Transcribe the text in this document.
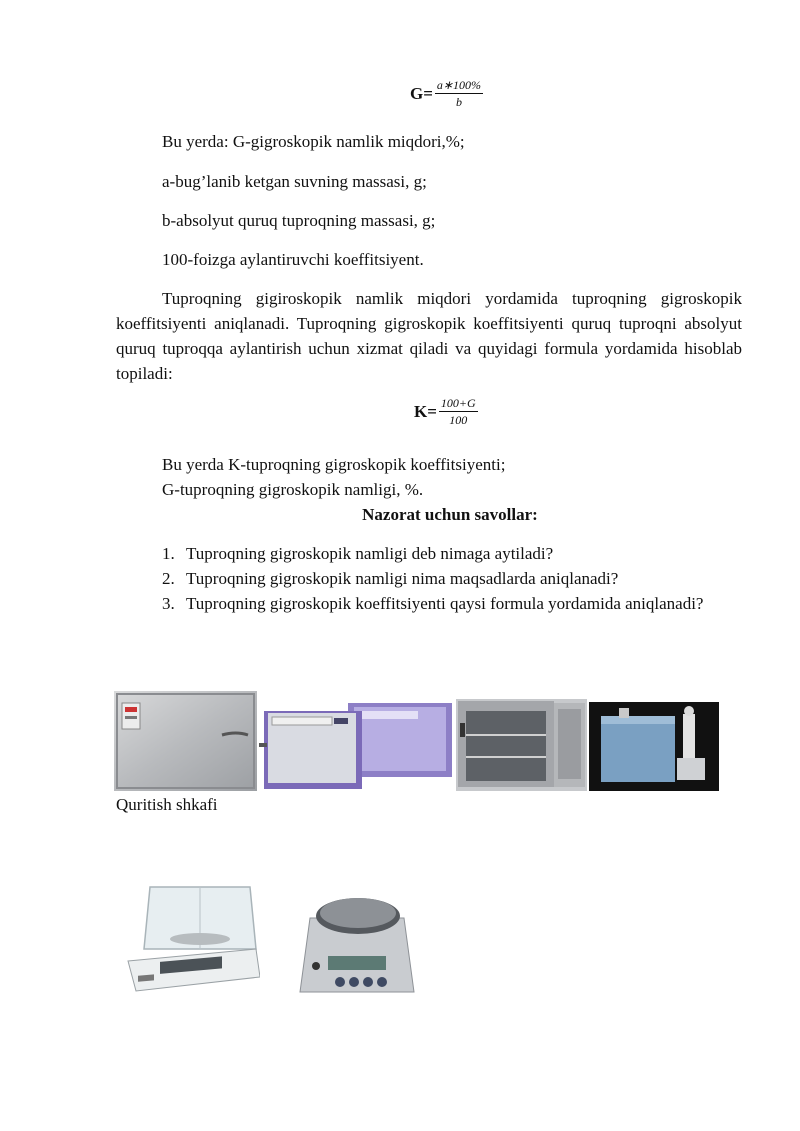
$G= \frac{a∗100\%}{b}$
Bu yerda: G-gigroskopik namlik miqdori,%;
a-bug’lanib ketgan suvning massasi, g;
b-absolyut quruq tuproqning massasi, g;
100-foizga aylantiruvchi koeffitsiyent.
Tuproqning gigiroskopik namlik miqdori yordamida tuproqning gigroskopik koeffitsiyenti aniqlanadi. Tuproqning gigroskopik koeffitsiyenti quruq tuproqni absolyut quruq tuproqqa aylantirish uchun xizmat qiladi va quyidagi formula yordamida hisoblab topiladi:
$K= \frac{100+G}{100}$
Bu yerda K-tuproqning gigroskopik koeffitsiyenti;
G-tuproqning gigroskopik namligi, %.
Nazorat uchun savollar:
1. Tuproqning gigroskopik namligi deb nimaga aytiladi?
2. Tuproqning gigroskopik namligi nima maqsadlarda aniqlanadi?
3. Tuproqning gigroskopik koeffitsiyenti qaysi formula yordamida aniqlanadi?
Quritish shkafi
